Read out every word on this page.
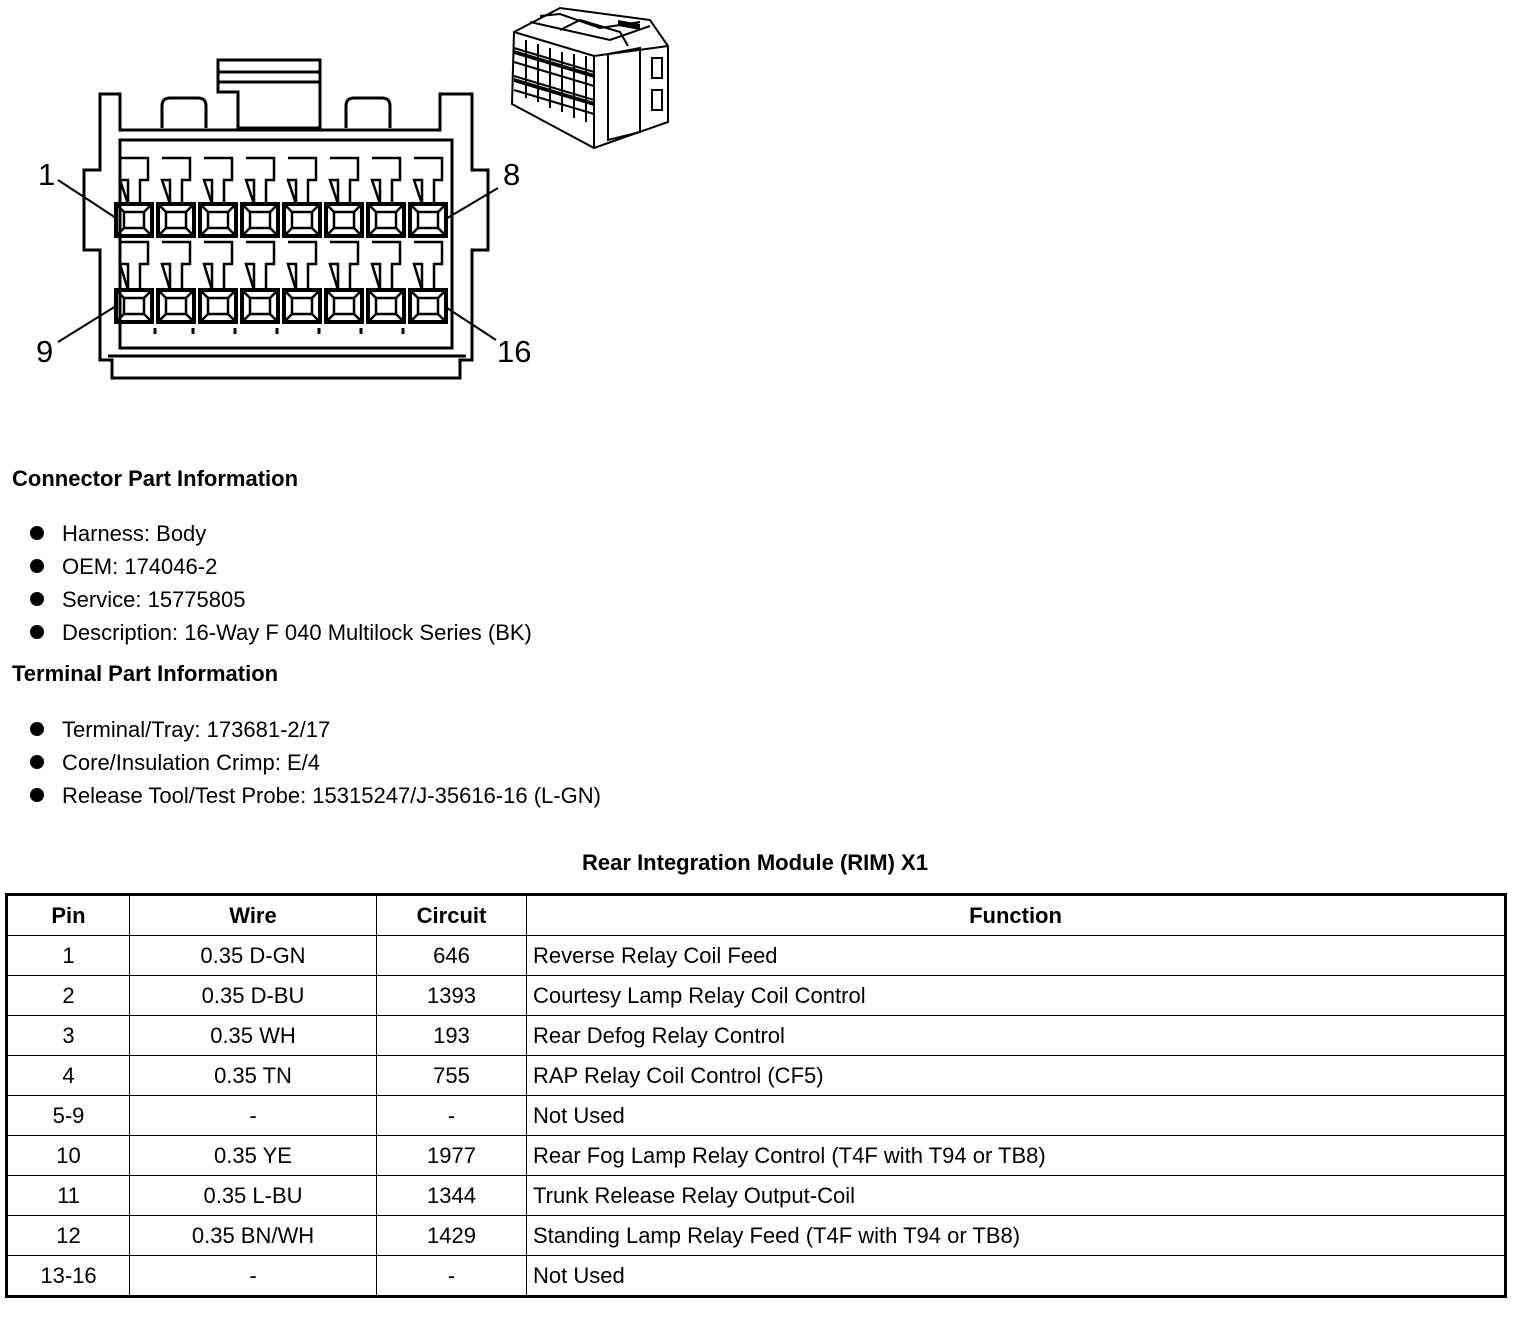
1	8
9	16
Connector Part Information
Harness: Body
OEM: 174046-2
Service: 15775805
Description: 16-Way F 040 Multilock Series (BK)
Terminal Part Information
Terminal/Tray: 173681-2/17
Core/Insulation Crimp: E/4
Release Tool/Test Probe: 15315247/J-35616-16 (L-GN)
Rear Integration Module (RIM) X1
Pin	Wire	Circuit	Function
1	0.35 D-GN	646	Reverse Relay Coil Feed
2	0.35 D-BU	1393	Courtesy Lamp Relay Coil Control
3	0.35 WH	193	Rear Defog Relay Control
4	0.35 TN	755	RAP Relay Coil Control (CF5)
5-9	-	-	Not Used
10	0.35 YE	1977	Rear Fog Lamp Relay Control (T4F with T94 or TB8)
11	0.35 L-BU	1344	Trunk Release Relay Output-Coil
12	0.35 BN/WH	1429	Standing Lamp Relay Feed (T4F with T94 or TB8)
13-16	-	-	Not Used
